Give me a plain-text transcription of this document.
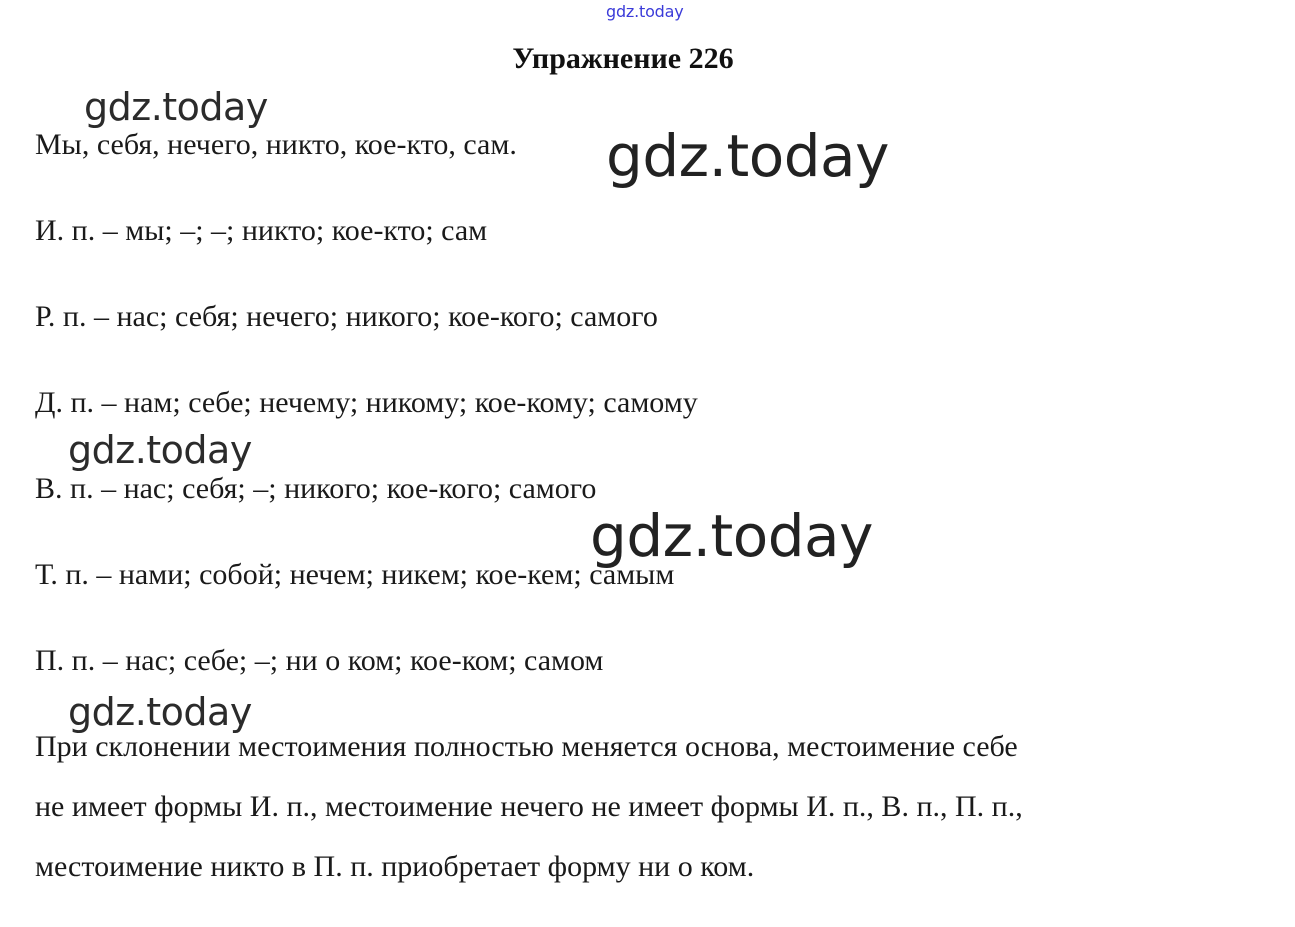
gdz.today
Упражнение 226
Мы, себя, нечего, никто, кое-кто, сам.
И. п. – мы; –; –; никто; кое-кто; сам
Р. п. – нас; себя; нечего; никого; кое-кого; самого
Д. п. – нам; себе; нечему; никому; кое-кому; самому
В. п. – нас; себя; –; никого; кое-кого; самого
Т. п. – нами; собой; нечем; никем; кое-кем; самым
П. п. – нас; себе; –; ни о ком; кое-ком; самом
При склонении местоимения полностью меняется основа, местоимение себе
не имеет формы И. п., местоимение нечего не имеет формы И. п., В. п., П. п.,
местоимение никто в П. п. приобретает форму ни о ком.
gdz.today
gdz.today
gdz.today
gdz.today
gdz.today
